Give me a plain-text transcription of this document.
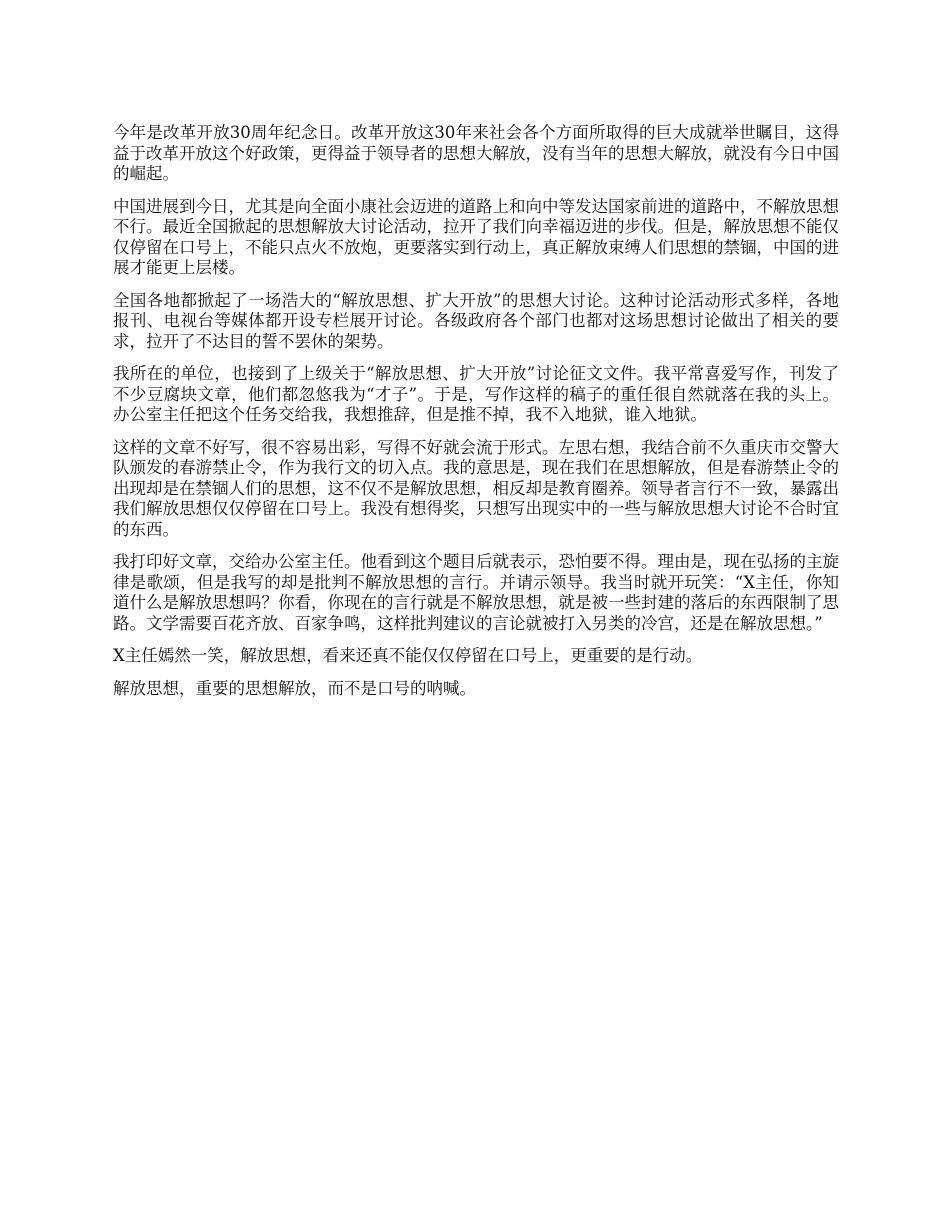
今年是改革开放30周年纪念日。改革开放这30年来社会各个方面所取得的巨大成就举世瞩目，这得益于改革开放这个好政策，更得益于领导者的思想大解放，没有当年的思想大解放，就没有今日中国的崛起。

中国进展到今日，尤其是向全面小康社会迈进的道路上和向中等发达国家前进的道路中，不解放思想不行。最近全国掀起的思想解放大讨论活动，拉开了我们向幸福迈进的步伐。但是，解放思想不能仅仅停留在口号上，不能只点火不放炮，更要落实到行动上，真正解放束缚人们思想的禁锢，中国的进展才能更上层楼。

全国各地都掀起了一场浩大的“解放思想、扩大开放”的思想大讨论。这种讨论活动形式多样，各地报刊、电视台等媒体都开设专栏展开讨论。各级政府各个部门也都对这场思想讨论做出了相关的要求，拉开了不达目的誓不罢休的架势。

我所在的单位，也接到了上级关于“解放思想、扩大开放”讨论征文文件。我平常喜爱写作，刊发了不少豆腐块文章，他们都忽悠我为“才子”。于是，写作这样的稿子的重任很自然就落在我的头上。办公室主任把这个任务交给我，我想推辞，但是推不掉，我不入地狱，谁入地狱。

这样的文章不好写，很不容易出彩，写得不好就会流于形式。左思右想，我结合前不久重庆市交警大队颁发的春游禁止令，作为我行文的切入点。我的意思是，现在我们在思想解放，但是春游禁止令的出现却是在禁锢人们的思想，这不仅不是解放思想，相反却是教育圈养。领导者言行不一致，暴露出我们解放思想仅仅停留在口号上。我没有想得奖，只想写出现实中的一些与解放思想大讨论不合时宜的东西。

我打印好文章，交给办公室主任。他看到这个题目后就表示，恐怕要不得。理由是，现在弘扬的主旋律是歌颂，但是我写的却是批判不解放思想的言行。并请示领导。我当时就开玩笑：“X主任，你知道什么是解放思想吗？你看，你现在的言行就是不解放思想，就是被一些封建的落后的东西限制了思路。文学需要百花齐放、百家争鸣，这样批判建议的言论就被打入另类的冷宫，还是在解放思想。”

X主任嫣然一笑，解放思想，看来还真不能仅仅停留在口号上，更重要的是行动。

解放思想，重要的思想解放，而不是口号的呐喊。
